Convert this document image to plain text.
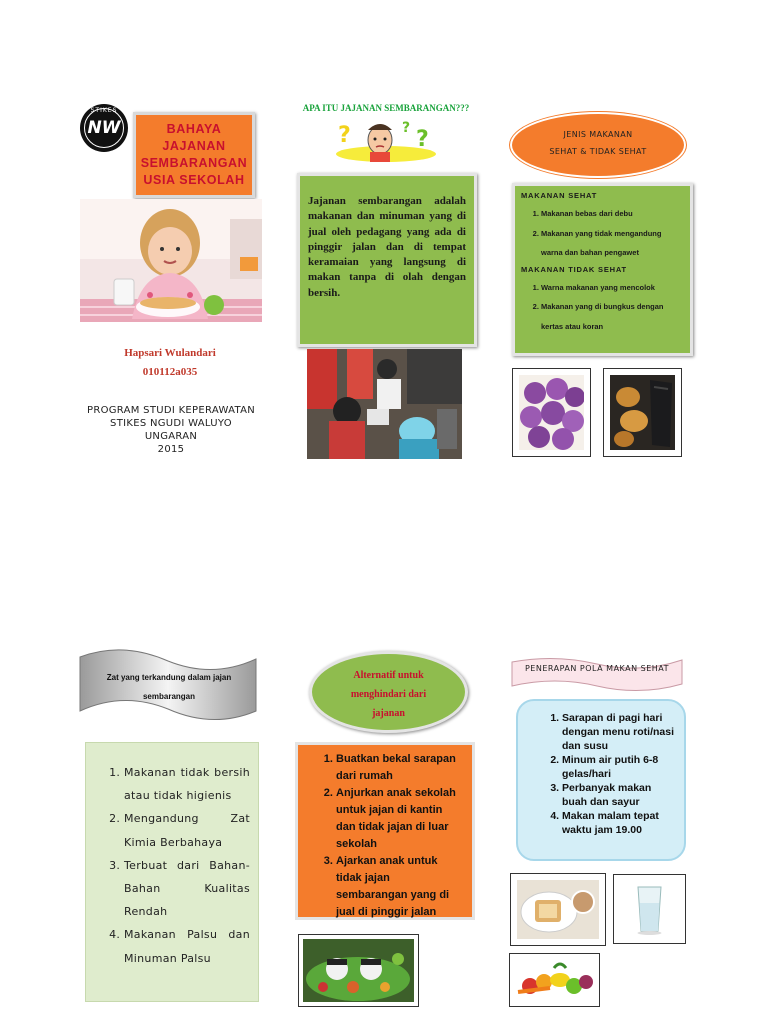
STIKES
NW	BAHAYA
JAJANAN
SEMBARANGAN
USIA SEKOLAH
Hapsari Wulandari
010112a035
PROGRAM STUDI KEPERAWATAN
STIKES NGUDI WALUYO
UNGARAN
2015
APA ITU JAJANAN SEMBARANGAN???
?	?
?
Jajanan sembarangan adalah makanan dan minuman yang di jual oleh pedagang yang ada di pinggir jalan dan di tempat keramaian yang langsung di makan tanpa di olah dengan bersih.
JENIS MAKANAN
SEHAT & TIDAK SEHAT
MAKANAN SEHAT
1. Makanan bebas dari debu
2. Makanan yang tidak mengandung warna dan bahan pengawet
MAKANAN TIDAK SEHAT
1. Warna makanan yang mencolok
2. Makanan yang di bungkus dengan kertas atau koran
Zat yang terkandung dalam jajan
sembarangan
1. Makanan tidak bersih atau tidak higienis
2. Mengandung Zat Kimia Berbahaya
3. Terbuat dari Bahan-Bahan Kualitas Rendah
4. Makanan Palsu dan Minuman Palsu
Alternatif untuk
menghindari dari
jajanan
1. Buatkan bekal sarapan dari rumah
2. Anjurkan anak sekolah untuk jajan di kantin dan tidak jajan di luar sekolah
3. Ajarkan anak untuk tidak jajan sembarangan yang di jual di pinggir jalan
PENERAPAN POLA MAKAN SEHAT
1. Sarapan di pagi hari dengan menu roti/nasi dan susu
2. Minum air putih 6-8 gelas/hari
3. Perbanyak makan buah dan sayur
4. Makan malam tepat waktu jam 19.00
